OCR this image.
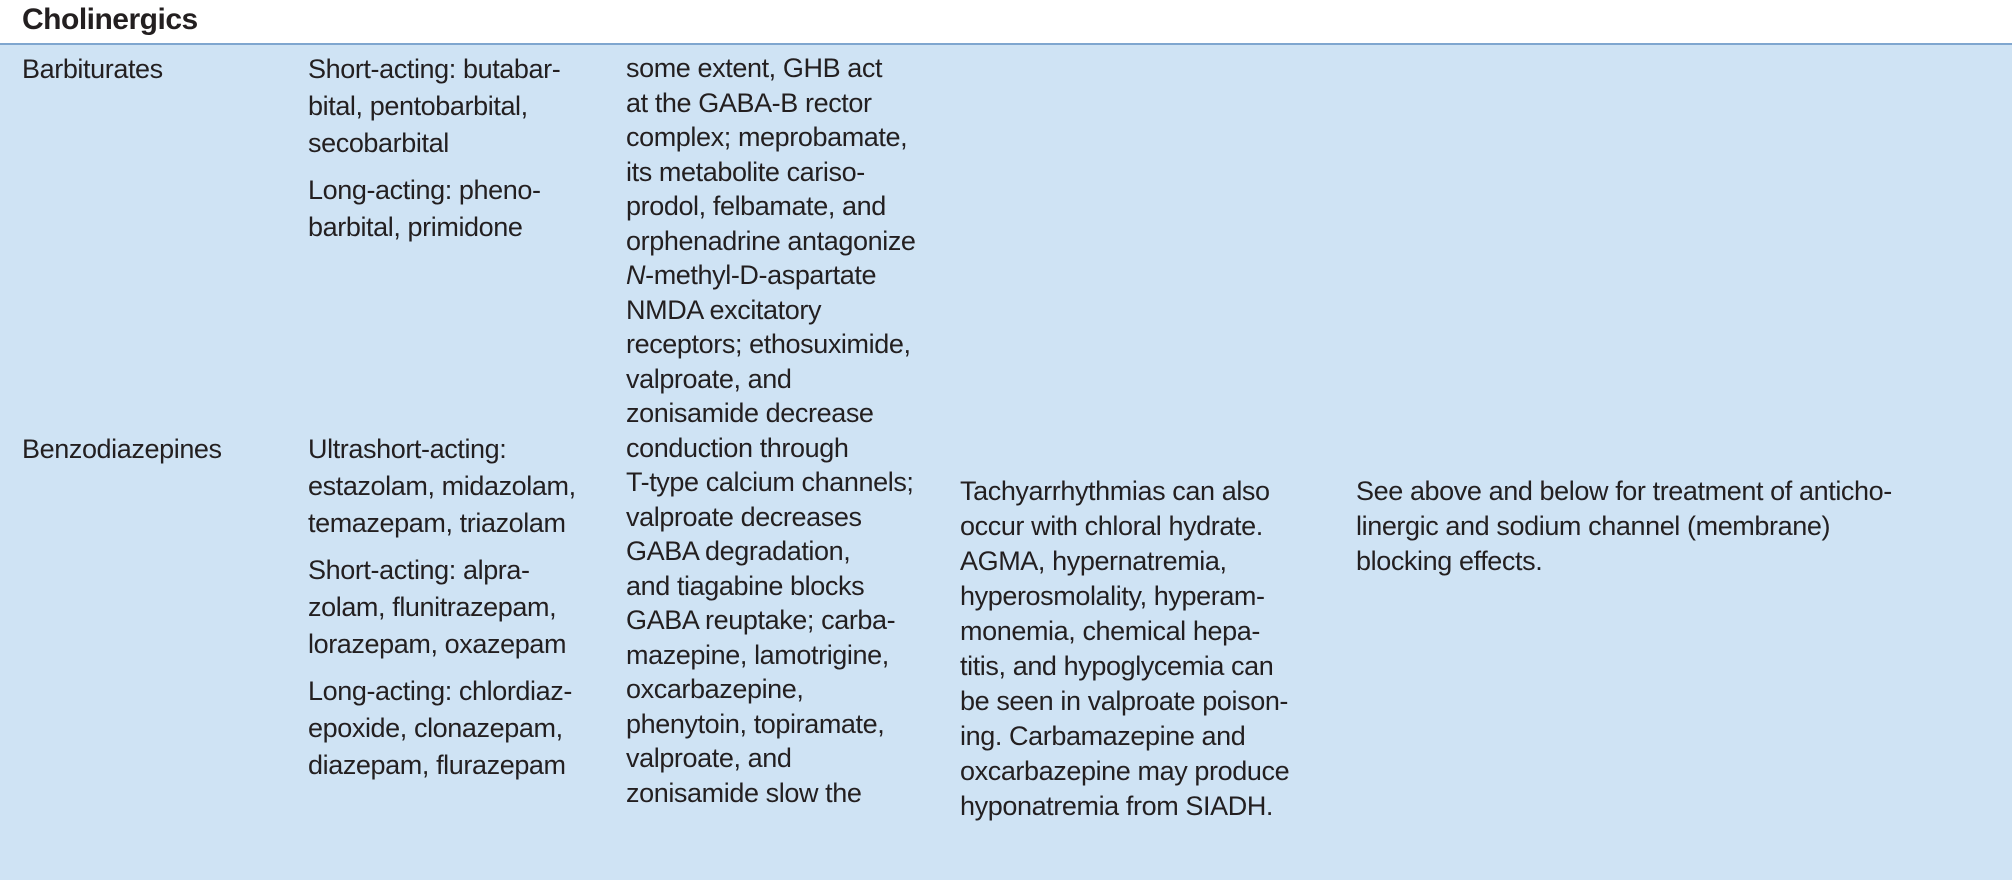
Cholinergics
Barbiturates
Benzodiazepines
Short-acting: butabar-
bital, pentobarbital,
secobarbital
Long-acting: pheno-
barbital, primidone
Ultrashort-acting:
estazolam, midazolam,
temazepam, triazolam
Short-acting: alpra-
zolam, flunitrazepam,
lorazepam, oxazepam
Long-acting: chlordiaz-
epoxide, clonazepam,
diazepam, flurazepam
some extent, GHB act
at the GABA-B rector
complex; meprobamate,
its metabolite cariso-
prodol, felbamate, and
orphenadrine antagonize
N-methyl-D-aspartate
NMDA excitatory
receptors; ethosuximide,
valproate, and
zonisamide decrease
conduction through
T-type calcium channels;
valproate decreases
GABA degradation,
and tiagabine blocks
GABA reuptake; carba-
mazepine, lamotrigine,
oxcarbazepine,
phenytoin, topiramate,
valproate, and
zonisamide slow the
Tachyarrhythmias can also
occur with chloral hydrate.
AGMA, hypernatremia,
hyperosmolality, hyperam-
monemia, chemical hepa-
titis, and hypoglycemia can
be seen in valproate poison-
ing. Carbamazepine and
oxcarbazepine may produce
hyponatremia from SIADH.
See above and below for treatment of anticho-
linergic and sodium channel (membrane)
blocking effects.
